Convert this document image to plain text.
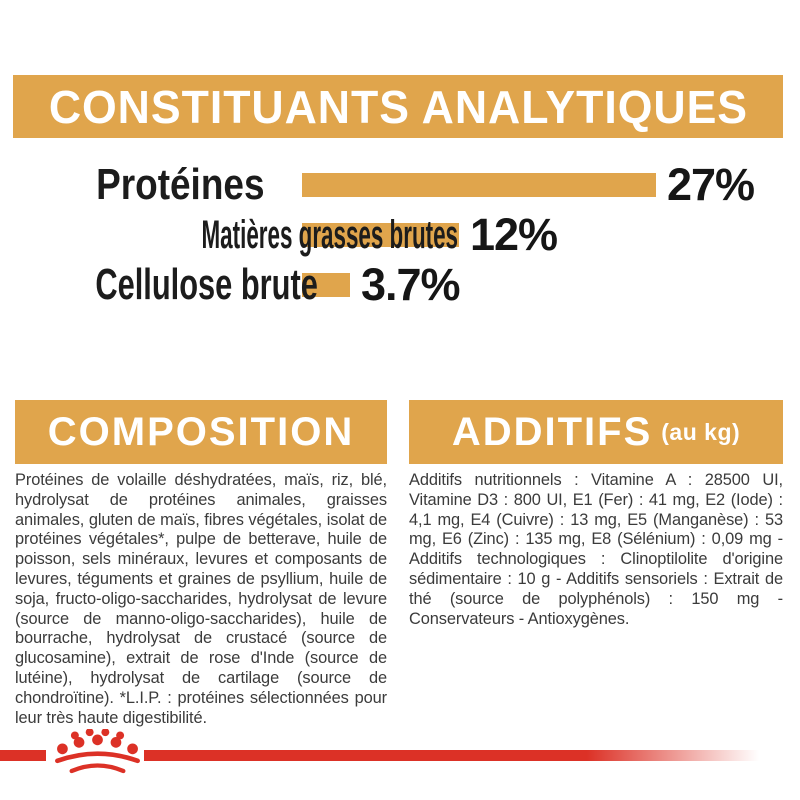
CONSTITUANTS ANALYTIQUES
Protéines	27%
Matières grasses brutes 12%
Cellulose brute 3.7%
COMPOSITION

Protéines de volaille déshydratées, maïs, riz, blé, hydrolysat de protéines animales, graisses animales, gluten de maïs, fibres végétales, isolat de protéines végétales*, pulpe de betterave, huile de poisson, sels minéraux, levures et composants de levures, téguments et graines de psyllium, huile de soja, fructo-oligo-saccharides, hydrolysat de levure (source de manno-oligo-saccharides), huile de bourrache, hydrolysat de crustacé (source de glucosamine), extrait de rose d'Inde (source de lutéine), hydrolysat de cartilage (source de chondroïtine). *L.I.P. : protéines sélectionnées pour leur très haute digestibilité.

ADDITIFS (au kg)

Additifs nutritionnels : Vitamine A : 28500 UI, Vitamine D3 : 800 UI, E1 (Fer) : 41 mg, E2 (Iode) : 4,1 mg, E4 (Cuivre) : 13 mg, E5 (Manganèse) : 53 mg, E6 (Zinc) : 135 mg, E8 (Sélénium) : 0,09 mg - Additifs technologiques : Clinoptilolite d'origine sédimentaire : 10 g - Additifs sensoriels : Extrait de thé (source de polyphénols) : 150 mg - Conservateurs - Antioxygènes.
